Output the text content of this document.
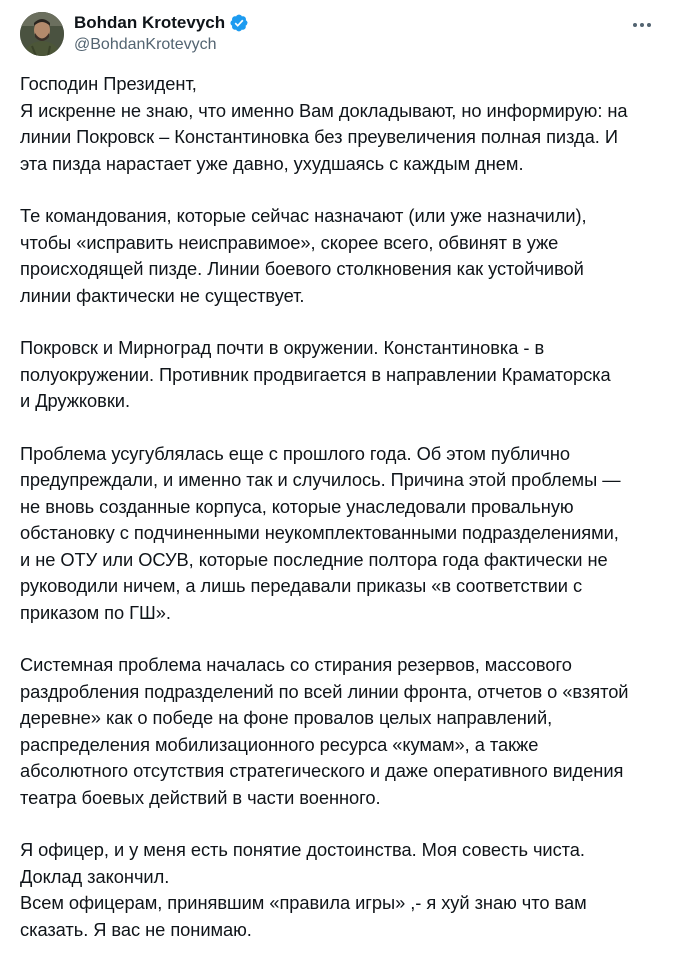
Bohdan Krotevych
@BohdanKrotevych
Господин Президент,
Я искренне не знаю, что именно Вам докладывают, но информирую: на
линии Покровск – Константиновка без преувеличения полная пизда. И
эта пизда нарастает уже давно, ухудшаясь с каждым днем.
Те командования, которые сейчас назначают (или уже назначили),
чтобы «исправить неисправимое», скорее всего, обвинят в уже
происходящей пизде. Линии боевого столкновения как устойчивой
линии фактически не существует.
Покровск и Мирноград почти в окружении. Константиновка - в
полуокружении. Противник продвигается в направлении Краматорска
и Дружковки.
Проблема усугублялась еще с прошлого года. Об этом публично
предупреждали, и именно так и случилось. Причина этой проблемы —
не вновь созданные корпуса, которые унаследовали провальную
обстановку с подчиненными неукомплектованными подразделениями,
и не ОТУ или ОСУВ, которые последние полтора года фактически не
руководили ничем, а лишь передавали приказы «в соответствии с
приказом по ГШ».
Системная проблема началась со стирания резервов, массового
раздробления подразделений по всей линии фронта, отчетов о «взятой
деревне» как о победе на фоне провалов целых направлений,
распределения мобилизационного ресурса «кумам», а также
абсолютного отсутствия стратегического и даже оперативного видения
театра боевых действий в части военного.
Я офицер, и у меня есть понятие достоинства. Моя совесть чиста.
Доклад закончил.
Всем офицерам, принявшим «правила игры» ,- я хуй знаю что вам
сказать. Я вас не понимаю.
